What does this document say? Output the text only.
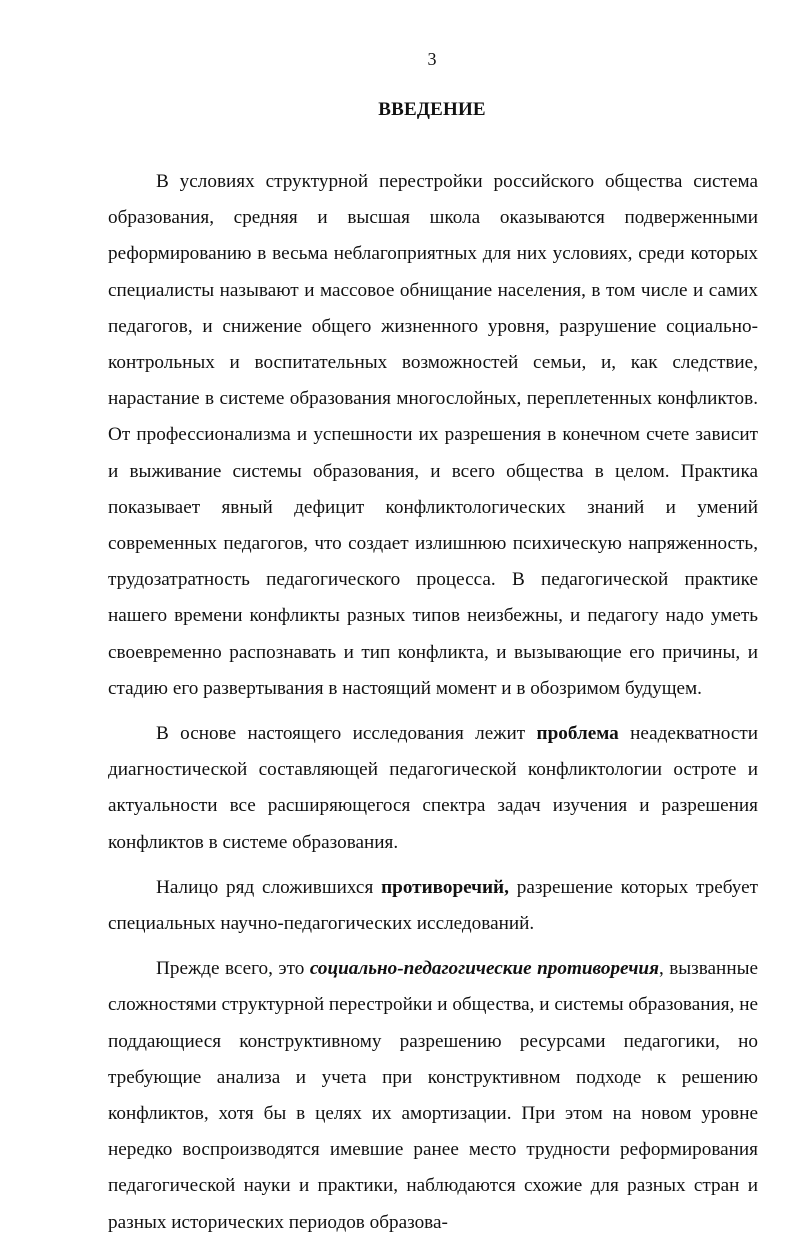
3
ВВЕДЕНИЕ

В условиях структурной перестройки российского общества система образования, средняя и высшая школа оказываются подверженными реформированию в весьма неблагоприятных для них условиях, среди которых специалисты называют и массовое обнищание населения, в том числе и самих педагогов, и снижение общего жизненного уровня, разрушение социально-контрольных и воспитательных возможностей семьи, и, как следствие, нарастание в системе образования многослойных, переплетенных конфликтов. От профессионализма и успешности их разрешения в конечном счете зависит и выживание системы образования, и всего общества в целом. Практика показывает явный дефицит конфликтологических знаний и умений современных педагогов, что создает излишнюю психическую напряженность, трудозатратность педагогического процесса. В педагогической практике нашего времени конфликты разных типов неизбежны, и педагогу надо уметь своевременно распознавать и тип конфликта, и вызывающие его причины, и стадию его развертывания в настоящий момент и в обозримом будущем.

В основе настоящего исследования лежит проблема неадекватности диагностической составляющей педагогической конфликтологии остроте и актуальности все расширяющегося спектра задач изучения и разрешения конфликтов в системе образования.

Налицо ряд сложившихся противоречий, разрешение которых требует специальных научно-педагогических исследований.

Прежде всего, это социально-педагогические противоречия, вызванные сложностями структурной перестройки и общества, и системы образования, не поддающиеся конструктивному разрешению ресурсами педагогики, но требующие анализа и учета при конструктивном подходе к решению конфликтов, хотя бы в целях их амортизации. При этом на новом уровне нередко воспроизводятся имевшие ранее место трудности реформирования педагогической науки и практики, наблюдаются схожие для разных стран и разных исторических периодов образова-
